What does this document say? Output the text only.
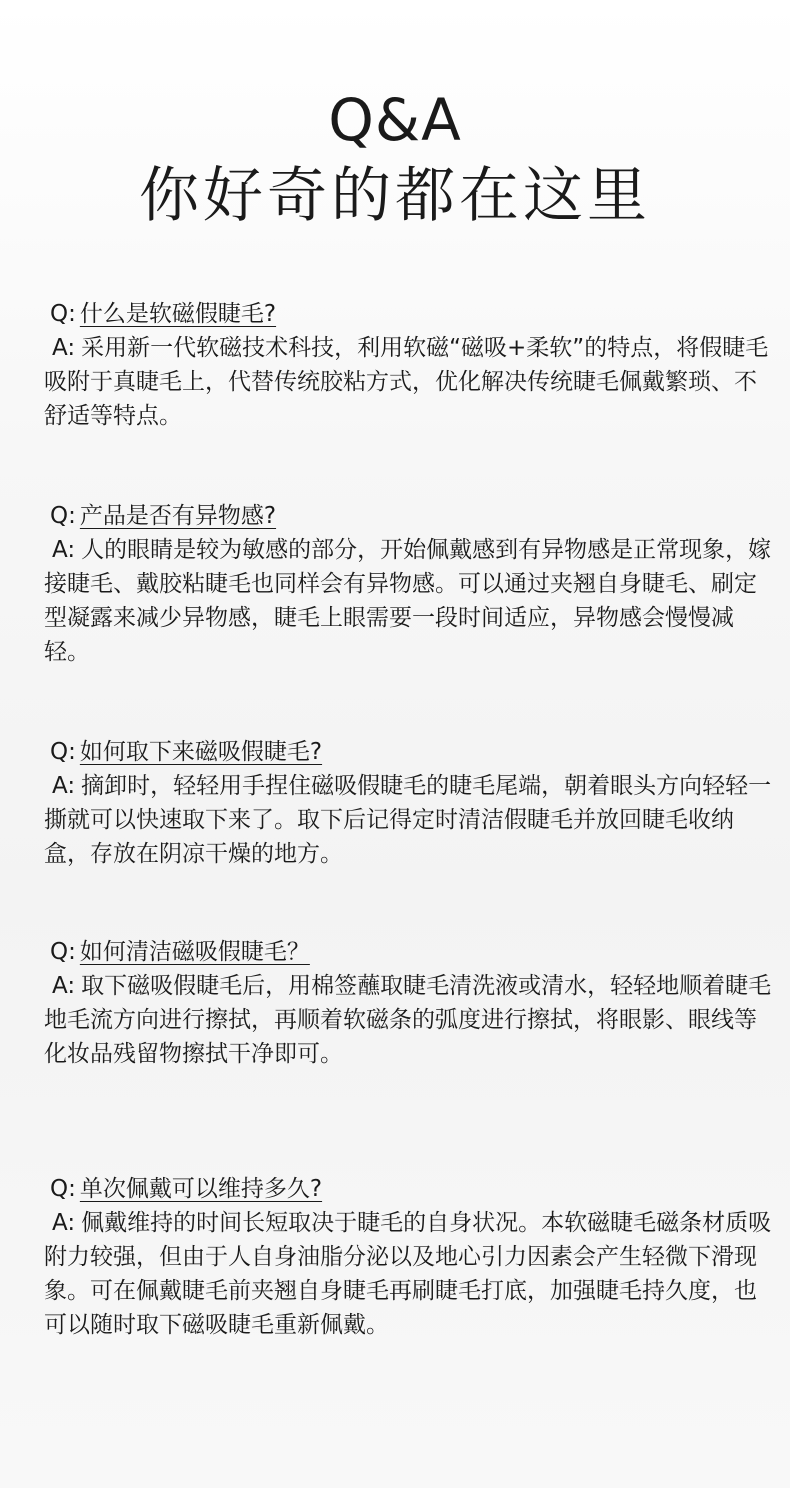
Q&A
你好奇的都在这里
Q: 什么是软磁假睫毛?
A: 采用新一代软磁技术科技，利用软磁“磁吸+柔软”的特点，将假睫毛吸附于真睫毛上，代替传统胶粘方式，优化解决传统睫毛佩戴繁琐、不舒适等特点。
Q: 产品是否有异物感?
A: 人的眼睛是较为敏感的部分，开始佩戴感到有异物感是正常现象，嫁接睫毛、戴胶粘睫毛也同样会有异物感。可以通过夹翘自身睫毛、刷定型凝露来减少异物感，睫毛上眼需要一段时间适应，异物感会慢慢减轻。
Q: 如何取下来磁吸假睫毛?
A: 摘卸时，轻轻用手捏住磁吸假睫毛的睫毛尾端，朝着眼头方向轻轻一撕就可以快速取下来了。取下后记得定时清洁假睫毛并放回睫毛收纳盒，存放在阴凉干燥的地方。
Q: 如何清洁磁吸假睫毛？
A: 取下磁吸假睫毛后，用棉签蘸取睫毛清洗液或清水，轻轻地顺着睫毛地毛流方向进行擦拭，再顺着软磁条的弧度进行擦拭，将眼影、眼线等化妆品残留物擦拭干净即可。
Q: 单次佩戴可以维持多久?
A: 佩戴维持的时间长短取决于睫毛的自身状况。本软磁睫毛磁条材质吸附力较强，但由于人自身油脂分泌以及地心引力因素会产生轻微下滑现象。可在佩戴睫毛前夹翘自身睫毛再刷睫毛打底，加强睫毛持久度，也可以随时取下磁吸睫毛重新佩戴。
